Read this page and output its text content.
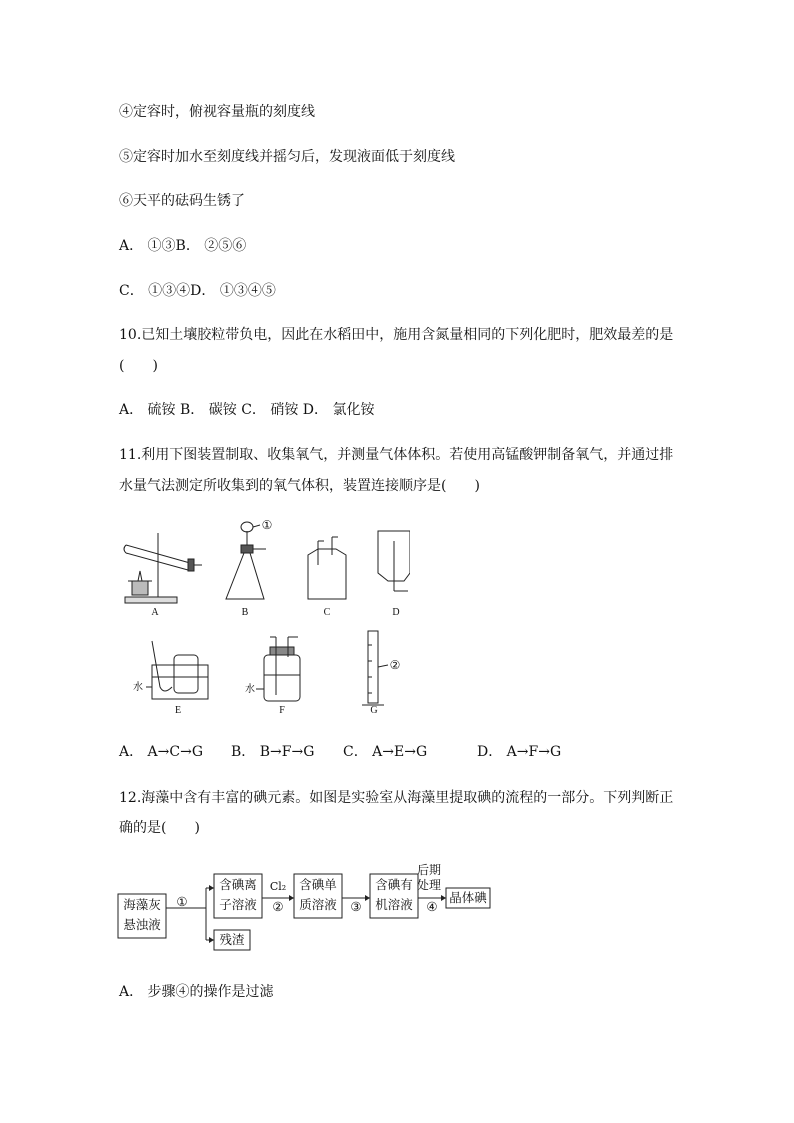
④定容时，俯视容量瓶的刻度线
⑤定容时加水至刻度线并摇匀后，发现液面低于刻度线
⑥天平的砝码生锈了
A． ①③B． ②⑤⑥
C． ①③④D． ①③④⑤
10.已知土壤胶粒带负电，因此在水稻田中，施用含氮量相同的下列化肥时，肥效最差的是
(　　)
A． 硫铵 B． 碳铵 C． 硝铵 D． 氯化铵
11.利用下图装置制取、收集氧气，并测量气体体积。若使用高锰酸钾制备氧气，并通过排
水量气法测定所收集到的氧气体积，装置连接顺序是(　　)
A	B	C	D
E	F	G
水	水
①
②
A． A→C→G B． B→F→G C． A→E→G	D． A→F→G
12.海藻中含有丰富的碘元素。如图是实验室从海藻里提取碘的流程的一部分。下列判断正
确的是(　　)
海藻灰
悬浊液
含碘离
子溶液
含碘单
质溶液
含碘有
机溶液	晶体碘
残渣
①
Cl₂
②	③
后期
处理
④
A． 步骤④的操作是过滤
